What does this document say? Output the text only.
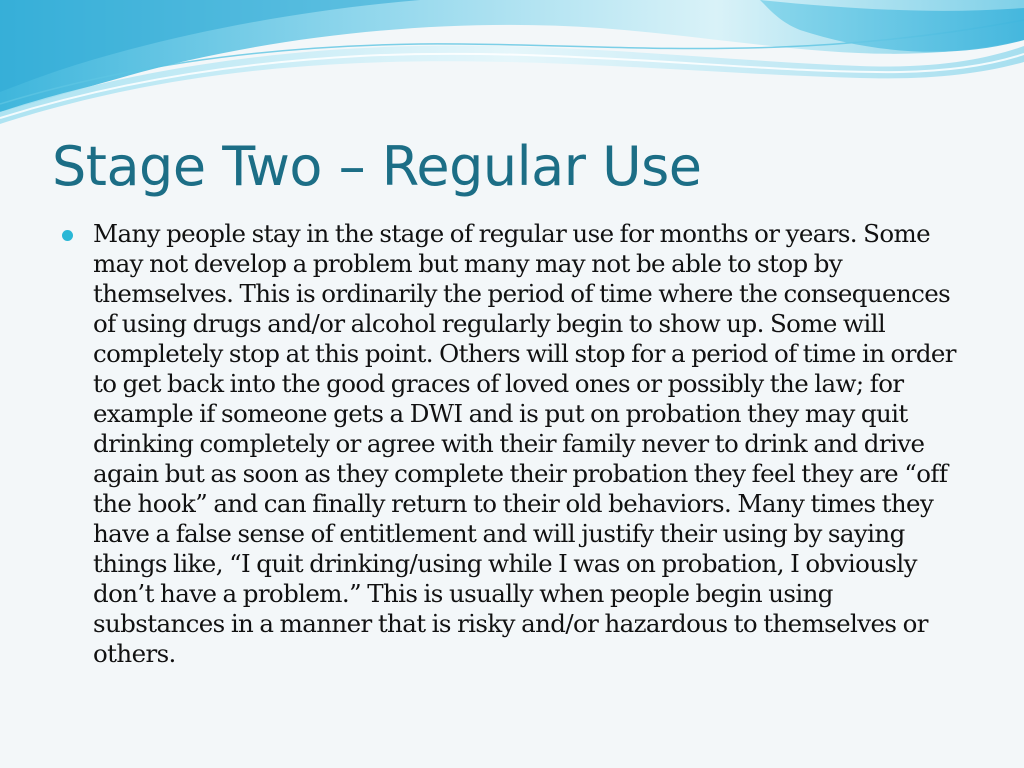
Stage Two – Regular Use
Many people stay in the stage of regular use for months or years. Some may not develop a problem but many may not be able to stop by themselves. This is ordinarily the period of time where the consequences of using drugs and/or alcohol regularly begin to show up. Some will completely stop at this point. Others will stop for a period of time in order to get back into the good graces of loved ones or possibly the law; for example if someone gets a DWI and is put on probation they may quit drinking completely or agree with their family never to drink and drive again but as soon as they complete their probation they feel they are “off the hook” and can finally return to their old behaviors. Many times they have a false sense of entitlement and will justify their using by saying things like, “I quit drinking/using while I was on probation, I obviously don’t have a problem.” This is usually when people begin using substances in a manner that is risky and/or hazardous to themselves or others.
